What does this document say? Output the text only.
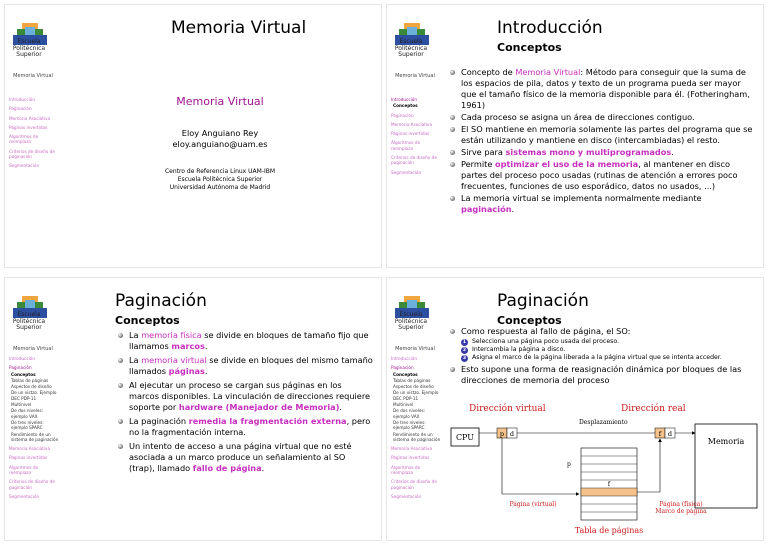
Escuela
Politécnica
Superior
Memoria Virtual
Introducción
Paginación
Memoria Asociativa
Páginas invertidas
Algoritmos de reemplazo
Criterios de diseño de paginación
Segmentación
Memoria Virtual
Memoria Virtual
Eloy Anguiano Rey
eloy.anguiano@uam.es
Centro de Referencia Linux UAM-IBM
Escuela Politécnica Superior
Universidad Autónoma de Madrid
Escuela
Politécnica
Superior
Memoria Virtual
Introducción
Conceptos
Paginación
Memoria Asociativa
Páginas invertidas
Algoritmos de reemplazo
Criterios de diseño de paginación
Segmentación
Introducción
Conceptos
Concepto de Memoria Virtual: Método para conseguir que la suma de los espacios de pila, datos y texto de un programa pueda ser mayor que el tamaño físico de la memoria disponible para él. (Fotheringham, 1961)
Cada proceso se asigna un área de direcciones contiguo.
El SO mantiene en memoria solamente las partes del programa que se están utilizando y mantiene en disco (intercambiadas) el resto.
Sirve para sistemas mono y multiprogramados.
Permite optimizar el uso de la memoria, al mantener en disco partes del proceso poco usadas (rutinas de atención a errores poco frecuentes, funciones de uso esporádico, datos no usados, ...)
La memoria virtual se implementa normalmente mediante paginación.
Escuela
Politécnica
Superior
Memoria Virtual
Introducción
Paginación
Conceptos
Tablas de páginas
Aspectos de diseño
De un vistzo. Ejemplo DEC PDP-11
Multinivel
De dos niveles: ejemplo VAX
De tres niveles: ejemplo SPARC
Rendimiento de un sistema de paginación
Memoria Asociativa
Páginas invertidas
Algoritmos de reemplazo
Criterios de diseño de paginación
Segmentación
Paginación
Conceptos
La memoria física se divide en bloques de tamaño fijo que llamamos marcos.
La memoria virtual se divide en bloques del mismo tamaño llamados páginas.
Al ejecutar un proceso se cargan sus páginas en los marcos disponibles. La vinculación de direcciones requiere soporte por hardware (Manejador de Memoria).
La paginación remedia la fragmentación externa, pero no la fragmentación interna.
Un intento de acceso a una página virtual que no esté asociada a un marco produce un señalamiento al SO (trap), llamado fallo de página.
Escuela
Politécnica
Superior
Memoria Virtual
Introducción
Paginación
Conceptos
Tablas de páginas
Aspectos de diseño
De un vistzo. Ejemplo DEC PDP-11
Multinivel
De dos niveles: ejemplo VAX
De tres niveles: ejemplo SPARC
Rendimiento de un sistema de paginación
Memoria Asociativa
Páginas invertidas
Algoritmos de reemplazo
Criterios de diseño de paginación
Segmentación
Paginación
Conceptos
Como respuesta al fallo de página, el SO:
1 Selecciona una página poco usada del proceso.
2 Intercambia la página a disco.
3 Asigna el marco de la página liberada a la página virtual que se intenta acceder.
Esto supone una forma de reasignación dinámica por bloques de las direcciones de memoria del proceso
Dirección virtual	Dirección real
CPU	p d
Desplazamiento
f d
Memoria
p
f
Página (virtual)	Página (física)
Marco de página
Tabla de páginas
